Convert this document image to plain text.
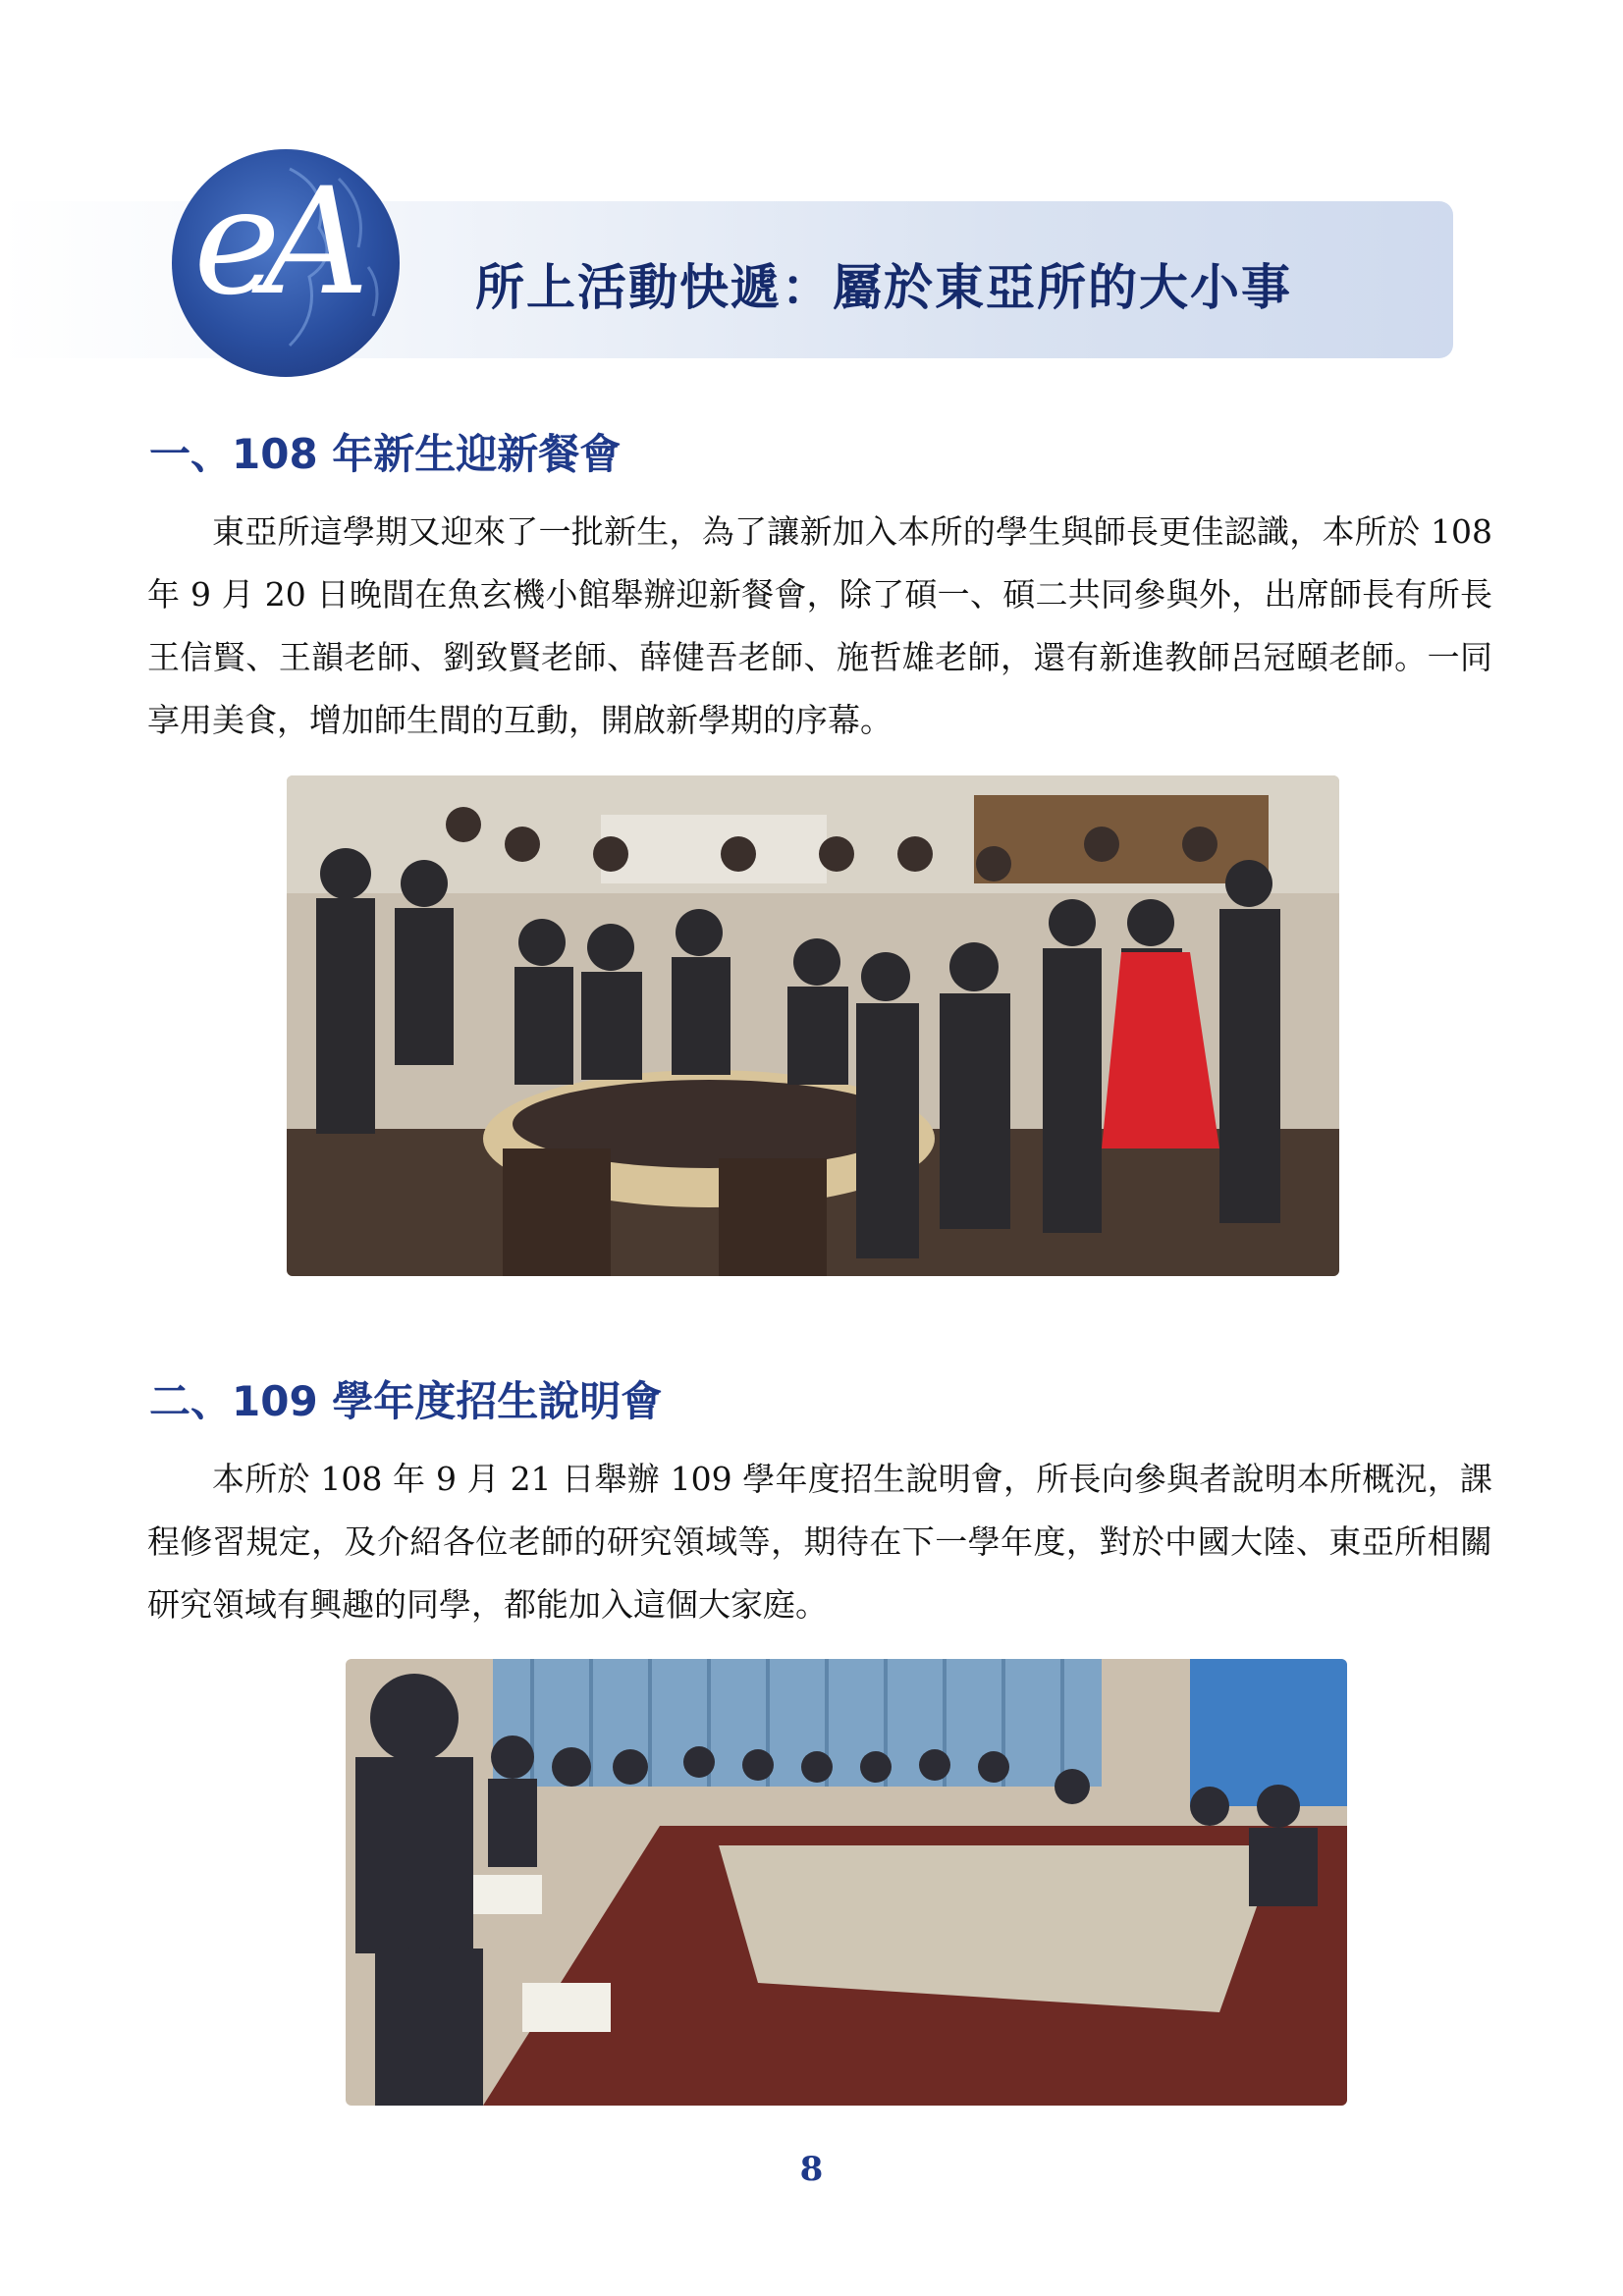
eA	所上活動快遞：屬於東亞所的大小事
一、108 年新生迎新餐會
東亞所這學期又迎來了一批新生，為了讓新加入本所的學生與師長更佳認識，本所於 108 年 9 月 20 日晚間在魚玄機小館舉辦迎新餐會，除了碩一、碩二共同參與外，出席師長有所長王信賢、王韻老師、劉致賢老師、薛健吾老師、施哲雄老師，還有新進教師呂冠頤老師。一同享用美食，增加師生間的互動，開啟新學期的序幕。
二、109 學年度招生說明會
本所於 108 年 9 月 21 日舉辦 109 學年度招生說明會，所長向參與者說明本所概況，課程修習規定，及介紹各位老師的研究領域等，期待在下一學年度，對於中國大陸、東亞所相關研究領域有興趣的同學，都能加入這個大家庭。
8
